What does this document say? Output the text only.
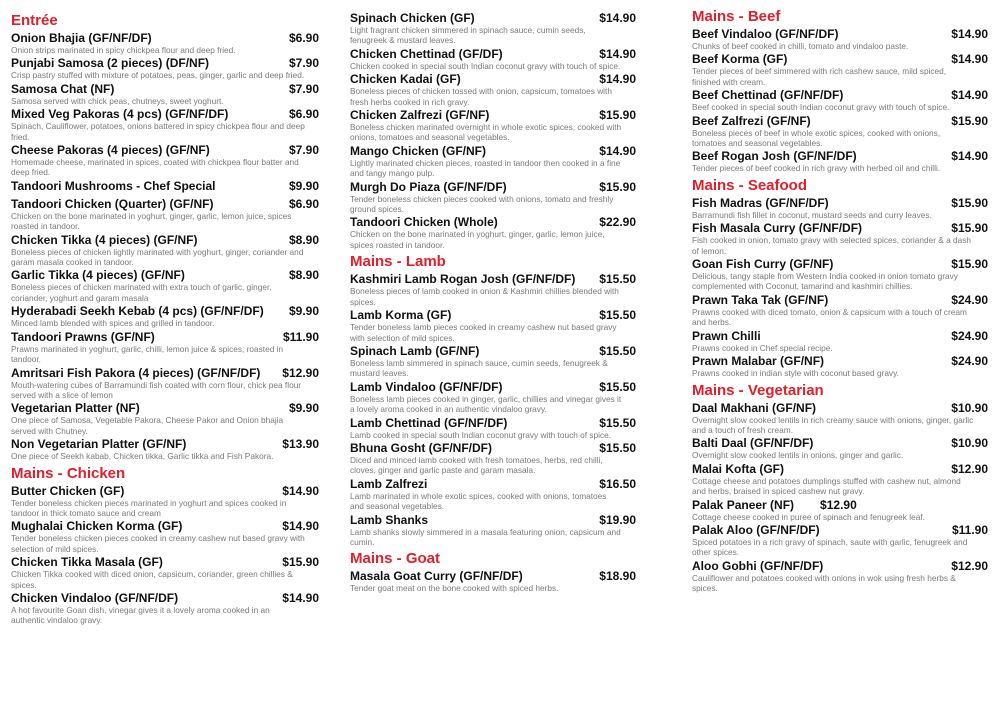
Entrée
Onion Bhajia (GF/NF/DF)	$6.90
Onion strips marinated in spicy chickpea flour and deep fried.
Punjabi Samosa (2 pieces) (DF/NF)	$7.90
Crisp pastry stuffed with mixture of potatoes, peas, ginger, garlic and deep fried.
Samosa Chat (NF)	$7.90
Samosa served with chick peas, chutneys, sweet yoghurt.
Mixed Veg Pakoras (4 pcs) (GF/NF/DF)	$6.90
Spinach, Cauliflower, potatoes, onions battered in spicy chickpea flour and deep fried.
Cheese Pakoras (4 pieces) (GF/NF)	$7.90
Homemade cheese, marinated in spices, coated with chickpea flour batter and deep fried.
Tandoori Mushrooms - Chef Special	$9.90
Tandoori Chicken (Quarter) (GF/NF)	$6.90
Chicken on the bone marinated in yoghurt, ginger, garlic, lemon juice, spices roasted in tandoor.
Chicken Tikka (4 pieces) (GF/NF)	$8.90
Boneless pieces of chicken lightly marinated with yoghurt, ginger, coriander and garam masala cooked in tandoor.
Garlic Tikka (4 pieces) (GF/NF)	$8.90
Boneless pieces of chicken marinated with extra touch of garlic, ginger, coriander, yoghurt and garam masala
Hyderabadi Seekh Kebab (4 pcs) (GF/NF/DF) $9.90
Minced lamb blended with spices and grilled in tandoor.
Tandoori Prawns (GF/NF)	$11.90
Prawns marinated in yoghurt, garlic, chilli, lemon juice & spices, roasted in tandoor.
Amritsari Fish Pakora (4 pieces) (GF/NF/DF) $12.90
Mouth-watering cubes of Barramundi fish coated with corn flour, chick pea flour served with a slice of lemon
Vegetarian Platter (NF)	$9.90
One piece of Samosa, Vegetable Pakora, Cheese Pakor and Onion bhajia served with Chutney.
Non Vegetarian Platter (GF/NF)	$13.90
One piece of Seekh kabab, Chicken tikka, Garlic tikka and Fish Pakora.
Mains - Chicken
Butter Chicken (GF)	$14.90
Tender boneless chicken pieces marinated in yoghurt and spices cooked in tandoor in thick tomato sauce and cream
Mughalai Chicken Korma (GF)	$14.90
Tender boneless chicken pieces cooked in creamy cashew nut based gravy with selection of mild spices.
Chicken Tikka Masala (GF)	$15.90
Chicken Tikka cooked with diced onion, capsicum, coriander, green chillies & spices.
Chicken Vindaloo (GF/NF/DF)	$14.90
A hot favourite Goan dish, vinegar gives it a lovely aroma cooked in an authentic vindaloo gravy.
Spinach Chicken (GF)	$14.90
Light fragrant chicken simmered in spinach sauce, cumin seeds, fenugreek & mustard leaves.
Chicken Chettinad (GF/DF)	$14.90
Chicken cooked in special south Indian coconut gravy with touch of spice.
Chicken Kadai (GF)	$14.90
Boneless pieces of chicken tossed with onion, capsicum, tomatoes with fresh herbs cooked in rich gravy.
Chicken Zalfrezi (GF/NF)	$15.90
Boneless chicken marinated overnight in whole exotic spices, cooked with onions, tomatoes and seasonal vegetables.
Mango Chicken (GF/NF)	$14.90
Lightly marinated chicken pieces, roasted in tandoor then cooked in a fine and tangy mango pulp.
Murgh Do Piaza (GF/NF/DF)	$15.90
Tender boneless chicken pieces cooked with onions, tomato and freshly ground spices.
Tandoori Chicken (Whole)	$22.90
Chicken on the bone marinated in yoghurt, ginger, garlic, lemon juice, spices roasted in tandoor.
Mains - Lamb
Kashmiri Lamb Rogan Josh (GF/NF/DF) $15.50
Boneless pieces of lamb cooked in onion & Kashmiri chillies blended with spices.
Lamb Korma (GF)	$15.50
Tender boneless lamb pieces cooked in creamy cashew nut based gravy with selection of mild spices.
Spinach Lamb (GF/NF)	$15.50
Boneless lamb simmered in spinach sauce, cumin seeds, fenugreek & mustard leaves.
Lamb Vindaloo (GF/NF/DF)	$15.50
Boneless lamb pieces cooked in ginger, garlic, chillies and vinegar gives it a lovely aroma cooked in an authentic vindaloo gravy.
Lamb Chettinad (GF/NF/DF)	$15.50
Lamb cooked in special south Indian coconut gravy with touch of spice.
Bhuna Gosht (GF/NF/DF)	$15.50
Diced and minced lamb cooked with fresh tomatoes, herbs, red chilli, cloves, ginger and garlic paste and garam masala.
Lamb Zalfrezi	$16.50
Lamb marinated in whole exotic spices, cooked with onions, tomatoes and seasonal vegetables.
Lamb Shanks	$19.90
Lamb shanks slowly simmered in a masala featuring onion, capsicum and cumin.
Mains - Goat
Masala Goat Curry (GF/NF/DF)	$18.90
Tender goat meat on the bone cooked with spiced herbs.
Mains - Beef
Beef Vindaloo (GF/NF/DF)	$14.90
Chunks of beef cooked in chilli, tomato and vindaloo paste.
Beef Korma (GF)	$14.90
Tender pieces of beef simmered with rich cashew sauce, mild spiced, finished with cream.
Beef Chettinad (GF/NF/DF)	$14.90
Beef cooked in special south Indian coconut gravy with touch of spice.
Beef Zalfrezi (GF/NF)	$15.90
Boneless pieces of beef in whole exotic spices, cooked with onions, tomatoes and seasonal vegetables.
Beef Rogan Josh (GF/NF/DF)	$14.90
Tender pieces of beef cooked in rich gravy with herbed oil and chilli.
Mains - Seafood
Fish Madras (GF/NF/DF)	$15.90
Barramundi fish fillet in coconut, mustard seeds and curry leaves.
Fish Masala Curry (GF/NF/DF)	$15.90
Fish cooked in onion, tomato gravy with selected spices, coriander & a dash of lemon.
Goan Fish Curry (GF/NF)	$15.90
Delicious, tangy staple from Western India cooked in onion tomato gravy complemented with Coconut, tamarind and kashmiri chillies.
Prawn Taka Tak (GF/NF)	$24.90
Prawns cooked with diced tomato, onion & capsicum with a touch of cream and herbs.
Prawn Chilli	$24.90
Prawns cooked in Chef special recipe.
Prawn Malabar (GF/NF)	$24.90
Prawns cooked in indian style with coconut based gravy.
Mains - Vegetarian
Daal Makhani (GF/NF)	$10.90
Overnight slow cooked lentils in rich creamy sauce with onions, ginger, garlic and a touch of fresh cream.
Balti Daal (GF/NF/DF)	$10.90
Overnight slow cooked lentils in onions, ginger and garlic.
Malai Kofta (GF)	$12.90
Cottage cheese and potatoes dumplings stuffed with cashew nut, almond and herbs, braised in spiced cashew nut gravy.
Palak Paneer (NF) $12.90
Cottage cheese cooked in puree of spinach and fenugreek leaf.
Palak Aloo (GF/NF/DF)	$11.90
Spiced potatoes in a rich gravy of spinach, saute with garlic, fenugreek and other spices.
Aloo Gobhi (GF/NF/DF)	$12.90
Cauliflower and potatoes cooked with onions in wok using fresh herbs & spices.
